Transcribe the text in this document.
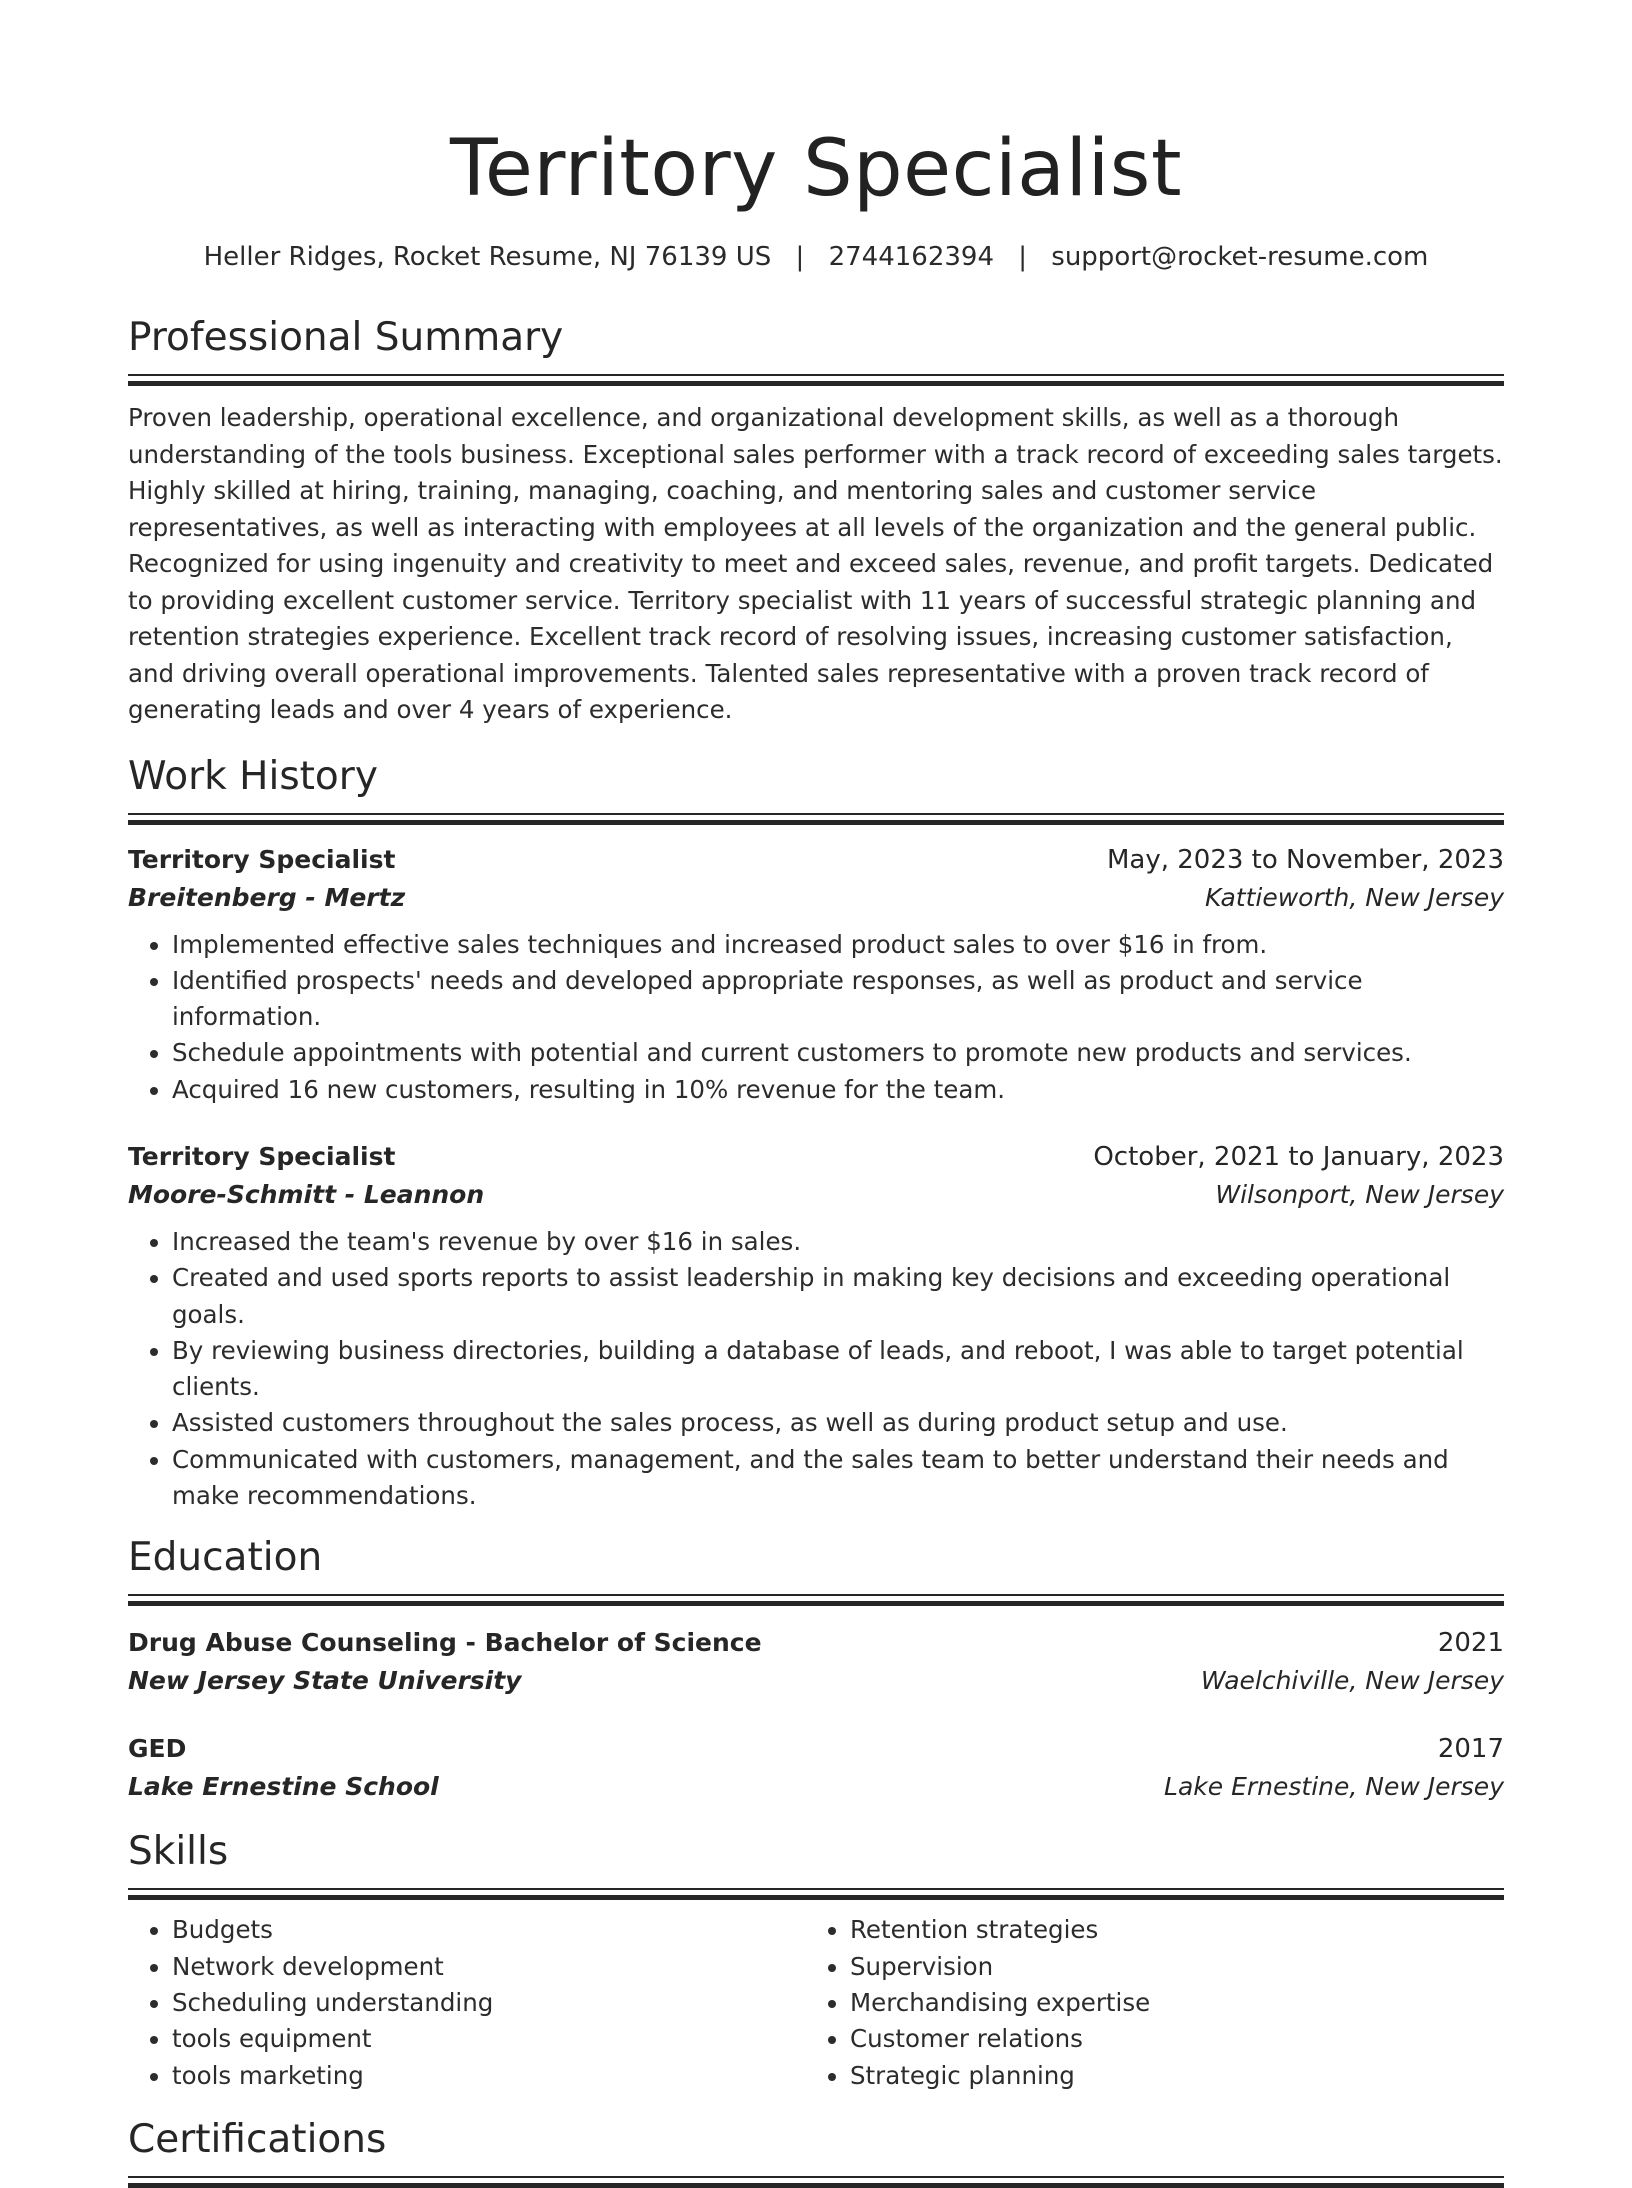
Territory Specialist
Heller Ridges, Rocket Resume, NJ 76139 US | 2744162394 | support@rocket-resume.com
Professional Summary
Proven leadership, operational excellence, and organizational development skills, as well as a thorough understanding of the tools business. Exceptional sales performer with a track record of exceeding sales targets. Highly skilled at hiring, training, managing, coaching, and mentoring sales and customer service representatives, as well as interacting with employees at all levels of the organization and the general public. Recognized for using ingenuity and creativity to meet and exceed sales, revenue, and profit targets. Dedicated to providing excellent customer service. Territory specialist with 11 years of successful strategic planning and retention strategies experience. Excellent track record of resolving issues, increasing customer satisfaction, and driving overall operational improvements. Talented sales representative with a proven track record of generating leads and over 4 years of experience.
Work History
Territory Specialist	May, 2023 to November, 2023
Breitenberg - Mertz	Kattieworth, New Jersey
• Implemented effective sales techniques and increased product sales to over $16 in from.
• Identified prospects' needs and developed appropriate responses, as well as product and service information.
• Schedule appointments with potential and current customers to promote new products and services.
• Acquired 16 new customers, resulting in 10% revenue for the team.
Territory Specialist	October, 2021 to January, 2023
Moore-Schmitt - Leannon	Wilsonport, New Jersey
• Increased the team's revenue by over $16 in sales.
• Created and used sports reports to assist leadership in making key decisions and exceeding operational goals.
• By reviewing business directories, building a database of leads, and reboot, I was able to target potential clients.
• Assisted customers throughout the sales process, as well as during product setup and use.
• Communicated with customers, management, and the sales team to better understand their needs and make recommendations.
Education
Drug Abuse Counseling - Bachelor of Science	2021
New Jersey State University	Waelchiville, New Jersey
GED	2017
Lake Ernestine School	Lake Ernestine, New Jersey
Skills
• Budgets
• Network development
• Scheduling understanding
• tools equipment
• tools marketing
• Retention strategies
• Supervision
• Merchandising expertise
• Customer relations
• Strategic planning
Certifications
